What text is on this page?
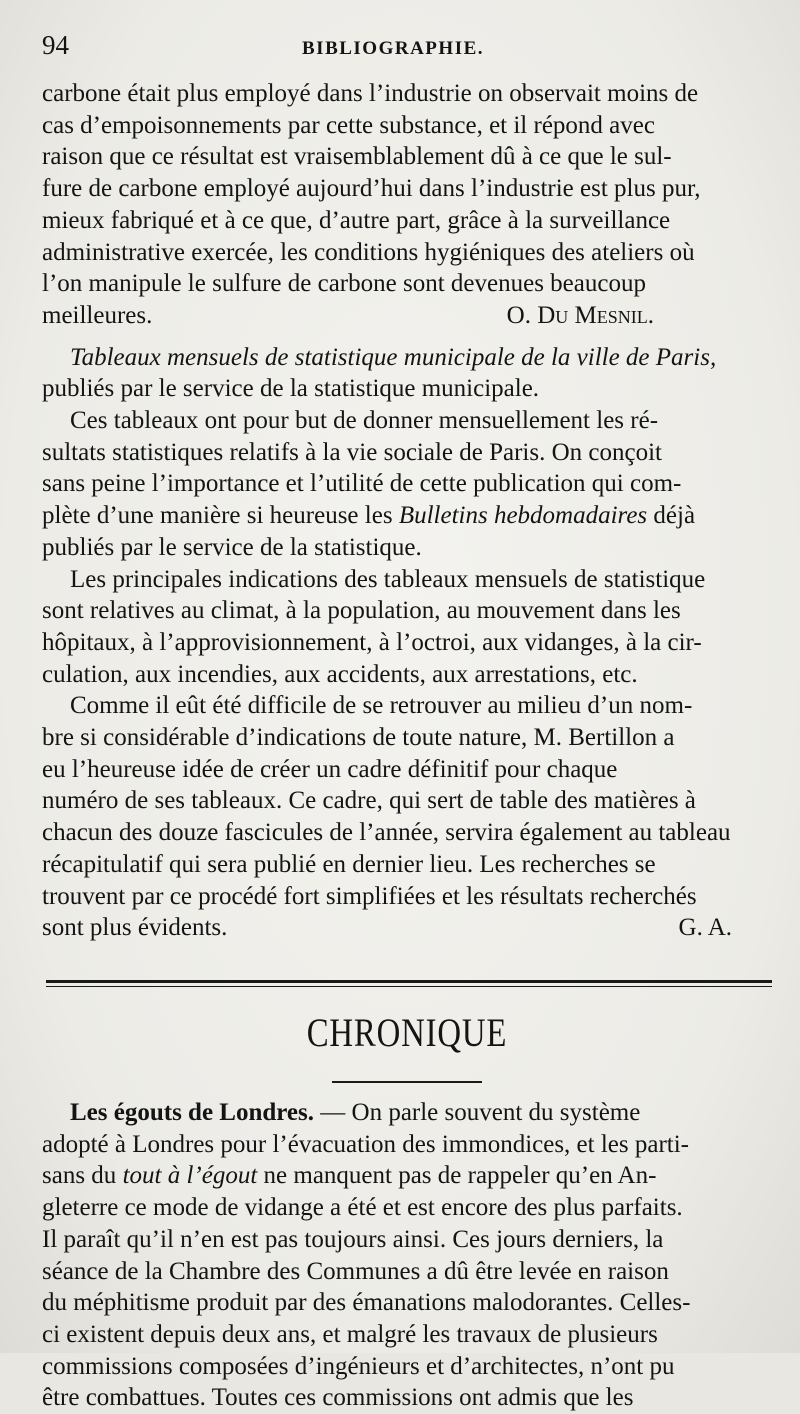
94	BIBLIOGRAPHIE.

carbone était plus employé dans l’industrie on observait moins de

cas d’empoisonnements par cette substance, et il répond avec

raison que ce résultat est vraisemblablement dû à ce que le sul-

fure de carbone employé aujourd’hui dans l’industrie est plus pur,

mieux fabriqué et à ce que, d’autre part, grâce à la surveillance

administrative exercée, les conditions hygiéniques des ateliers où

l’on manipule le sulfure de carbone sont devenues beaucoup

meilleures.	O. Du Mesnil.

Tableaux mensuels de statistique municipale de la ville de Paris,

publiés par le service de la statistique municipale.

Ces tableaux ont pour but de donner mensuellement les ré-

sultats statistiques relatifs à la vie sociale de Paris. On conçoit

sans peine l’importance et l’utilité de cette publication qui com-

plète d’une manière si heureuse les Bulletins hebdomadaires déjà

publiés par le service de la statistique.

Les principales indications des tableaux mensuels de statistique

sont relatives au climat, à la population, au mouvement dans les

hôpitaux, à l’approvisionnement, à l’octroi, aux vidanges, à la cir-

culation, aux incendies, aux accidents, aux arrestations, etc.

Comme il eût été difficile de se retrouver au milieu d’un nom-

bre si considérable d’indications de toute nature, M. Bertillon a

eu l’heureuse idée de créer un cadre définitif pour chaque

numéro de ses tableaux. Ce cadre, qui sert de table des matières à

chacun des douze fascicules de l’année, servira également au tableau

récapitulatif qui sera publié en dernier lieu. Les recherches se

trouvent par ce procédé fort simplifiées et les résultats recherchés

sont plus évidents.	G. A.

CHRONIQUE

Les égouts de Londres. — On parle souvent du système

adopté à Londres pour l’évacuation des immondices, et les parti-

sans du tout à l’égout ne manquent pas de rappeler qu’en An-

gleterre ce mode de vidange a été et est encore des plus parfaits.

Il paraît qu’il n’en est pas toujours ainsi. Ces jours derniers, la

séance de la Chambre des Communes a dû être levée en raison

du méphitisme produit par des émanations malodorantes. Celles-

ci existent depuis deux ans, et malgré les travaux de plusieurs

commissions composées d’ingénieurs et d’architectes, n’ont pu

être combattues. Toutes ces commissions ont admis que les
